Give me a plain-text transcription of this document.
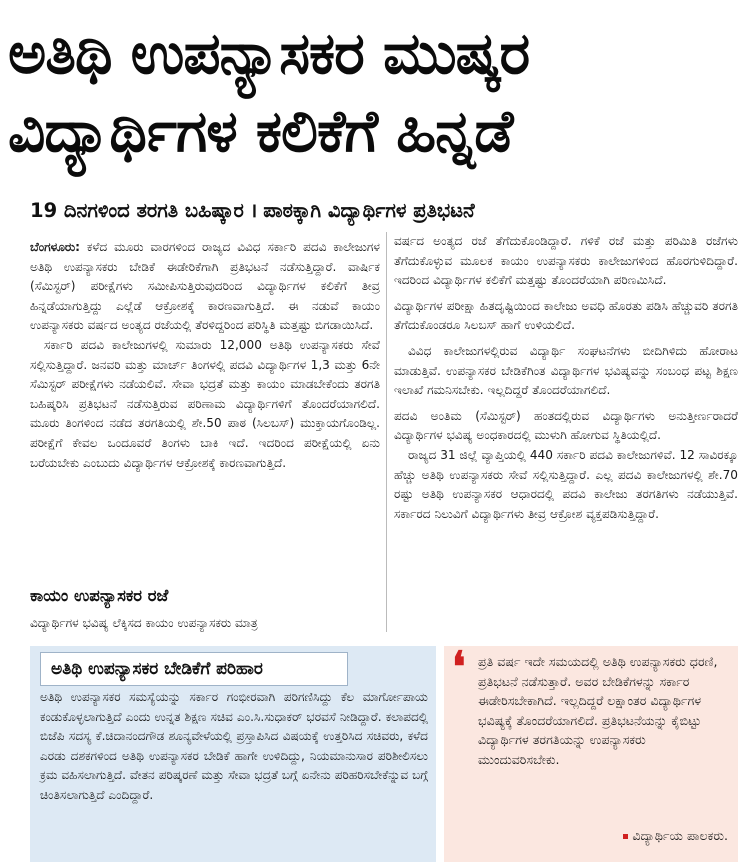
ಅತಿಥಿ ಉಪನ್ಯಾಸಕರ ಮುಷ್ಕರ
ವಿದ್ಯಾರ್ಥಿಗಳ ಕಲಿಕೆಗೆ ಹಿನ್ನಡೆ
19 ದಿನಗಳಿಂದ ತರಗತಿ ಬಹಿಷ್ಕಾರ । ಪಾಠಕ್ಕಾಗಿ ವಿದ್ಯಾರ್ಥಿಗಳ ಪ್ರತಿಭಟನೆ

ಬೆಂಗಳೂರು: ಕಳೆದ ಮೂರು ವಾರಗಳಿಂದ ರಾಜ್ಯದ ವಿವಿಧ ಸರ್ಕಾರಿ ಪದವಿ ಕಾಲೇಜುಗಳ ಅತಿಥಿ ಉಪನ್ಯಾಸಕರು ಬೇಡಿಕೆ ಈಡೇರಿಕೆಗಾಗಿ ಪ್ರತಿಭಟನೆ ನಡೆಸುತ್ತಿದ್ದಾರೆ. ವಾರ್ಷಿಕ (ಸೆಮಿಸ್ಟರ್) ಪರೀಕ್ಷೆಗಳು ಸಮೀಪಿಸುತ್ತಿರುವುದರಿಂದ ವಿದ್ಯಾರ್ಥಿಗಳ ಕಲಿಕೆಗೆ ತೀವ್ರ ಹಿನ್ನಡೆಯಾಗುತ್ತಿದ್ದು ಎಲ್ಲೆಡೆ ಆಕ್ರೋಶಕ್ಕೆ ಕಾರಣವಾಗುತ್ತಿದೆ. ಈ ನಡುವೆ ಕಾಯಂ ಉಪನ್ಯಾಸಕರು ವರ್ಷದ ಅಂತ್ಯದ ರಜೆಯಲ್ಲಿ ತೆರಳಿದ್ದರಿಂದ ಪರಿಸ್ಥಿತಿ ಮತ್ತಷ್ಟು ಬಿಗಡಾಯಿಸಿದೆ.

ಸರ್ಕಾರಿ ಪದವಿ ಕಾಲೇಜುಗಳಲ್ಲಿ ಸುಮಾರು 12,000 ಅತಿಥಿ ಉಪನ್ಯಾಸಕರು ಸೇವೆ ಸಲ್ಲಿಸುತ್ತಿದ್ದಾರೆ. ಜನವರಿ ಮತ್ತು ಮಾರ್ಚ್ ತಿಂಗಳಲ್ಲಿ ಪದವಿ ವಿದ್ಯಾರ್ಥಿಗಳ 1,3 ಮತ್ತು 6ನೇ ಸೆಮಿಸ್ಟರ್ ಪರೀಕ್ಷೆಗಳು ನಡೆಯಲಿವೆ. ಸೇವಾ ಭದ್ರತೆ ಮತ್ತು ಕಾಯಂ ಮಾಡಬೇಕೆಂದು ತರಗತಿ ಬಹಿಷ್ಕರಿಸಿ ಪ್ರತಿಭಟನೆ ನಡೆಸುತ್ತಿರುವ ಪರಿಣಾಮ ವಿದ್ಯಾರ್ಥಿಗಳಿಗೆ ತೊಂದರೆಯಾಗಲಿದೆ. ಮೂರು ತಿಂಗಳಿಂದ ನಡೆದ ತರಗತಿಯಲ್ಲಿ ಶೇ.50 ಪಾಠ (ಸಿಲಬಸ್) ಮುಕ್ತಾಯಗೊಂಡಿಲ್ಲ. ಪರೀಕ್ಷೆಗೆ ಕೇವಲ ಒಂದೂವರೆ ತಿಂಗಳು ಬಾಕಿ ಇದೆ. ಇದರಿಂದ ಪರೀಕ್ಷೆಯಲ್ಲಿ ಏನು ಬರೆಯಬೇಕು ಎಂಬುದು ವಿದ್ಯಾರ್ಥಿಗಳ ಆಕ್ರೋಶಕ್ಕೆ ಕಾರಣವಾಗುತ್ತಿದೆ.

ಕಾಯಂ ಉಪನ್ಯಾಸಕರ ರಜೆ

ವಿದ್ಯಾರ್ಥಿಗಳ ಭವಿಷ್ಯ ಲೆಕ್ಕಿಸದ ಕಾಯಂ ಉಪನ್ಯಾಸಕರು ಮಾತ್ರ

ವರ್ಷದ ಅಂತ್ಯದ ರಜೆ ತೆಗೆದುಕೊಂಡಿದ್ದಾರೆ. ಗಳಿಕೆ ರಜೆ ಮತ್ತು ಪರಿಮಿತಿ ರಜೆಗಳು ತೆಗೆದುಕೊಳ್ಳುವ ಮೂಲಕ ಕಾಯಂ ಉಪನ್ಯಾಸಕರು ಕಾಲೇಜುಗಳಿಂದ ಹೊರಗುಳಿದಿದ್ದಾರೆ. ಇದರಿಂದ ವಿದ್ಯಾರ್ಥಿಗಳ ಕಲಿಕೆಗೆ ಮತ್ತಷ್ಟು ತೊಂದರೆಯಾಗಿ ಪರಿಣಮಿಸಿದೆ.

ವಿದ್ಯಾರ್ಥಿಗಳ ಪರೀಕ್ಷಾ ಹಿತದೃಷ್ಟಿಯಿಂದ ಕಾಲೇಜು ಅವಧಿ ಹೊರತು ಪಡಿಸಿ ಹೆಚ್ಚುವರಿ ತರಗತಿ ತೆಗೆದುಕೊಂಡರೂ ಸಿಲಬಸ್ ಹಾಗೆ ಉಳಿಯಲಿದೆ.

ವಿವಿಧ ಕಾಲೇಜುಗಳಲ್ಲಿರುವ ವಿದ್ಯಾರ್ಥಿ ಸಂಘಟನೆಗಳು ಬೀದಿಗಿಳಿದು ಹೋರಾಟ ಮಾಡುತ್ತಿವೆ. ಉಪನ್ಯಾಸಕರ ಬೇಡಿಕೆಗಿಂತ ವಿದ್ಯಾರ್ಥಿಗಳ ಭವಿಷ್ಯವನ್ನು ಸಂಬಂಧ ಪಟ್ಟ ಶಿಕ್ಷಣ ಇಲಾಖೆ ಗಮನಿಸಬೇಕು. ಇಲ್ಲದಿದ್ದರೆ ತೊಂದರೆಯಾಗಲಿದೆ.

ಪದವಿ ಅಂತಿಮ (ಸೆಮಿಸ್ಟರ್) ಹಂತದಲ್ಲಿರುವ ವಿದ್ಯಾರ್ಥಿಗಳು ಅನುತ್ತೀರ್ಣರಾದರೆ ವಿದ್ಯಾರ್ಥಿಗಳ ಭವಿಷ್ಯ ಅಂಧಕಾರದಲ್ಲಿ ಮುಳುಗಿ ಹೋಗುವ ಸ್ಥಿತಿಯಲ್ಲಿದೆ.

ರಾಜ್ಯದ 31 ಜಿಲ್ಲೆ ವ್ಯಾಪ್ತಿಯಲ್ಲಿ 440 ಸರ್ಕಾರಿ ಪದವಿ ಕಾಲೇಜುಗಳಿವೆ. 12 ಸಾವಿರಕ್ಕೂ ಹೆಚ್ಚು ಅತಿಥಿ ಉಪನ್ಯಾಸಕರು ಸೇವೆ ಸಲ್ಲಿಸುತ್ತಿದ್ದಾರೆ. ಎಲ್ಲ ಪದವಿ ಕಾಲೇಜುಗಳಲ್ಲಿ ಶೇ.70 ರಷ್ಟು ಅತಿಥಿ ಉಪನ್ಯಾಸಕರ ಆಧಾರದಲ್ಲಿ ಪದವಿ ಕಾಲೇಜು ತರಗತಿಗಳು ನಡೆಯುತ್ತಿವೆ. ಸರ್ಕಾರದ ನಿಲುವಿಗೆ ವಿದ್ಯಾರ್ಥಿಗಳು ತೀವ್ರ ಆಕ್ರೋಶ ವ್ಯಕ್ತಪಡಿಸುತ್ತಿದ್ದಾರೆ.

ಅತಿಥಿ ಉಪನ್ಯಾಸಕರ ಬೇಡಿಕೆಗೆ ಪರಿಹಾರ
ಅತಿಥಿ ಉಪನ್ಯಾಸಕರ ಸಮಸ್ಯೆಯನ್ನು ಸರ್ಕಾರ ಗಂಭೀರವಾಗಿ ಪರಿಗಣಿಸಿದ್ದು ಕೆಲ ಮಾರ್ಗೋಪಾಯ ಕಂಡುಕೊಳ್ಳಲಾಗುತ್ತಿದೆ ಎಂದು ಉನ್ನತ ಶಿಕ್ಷಣ ಸಚಿವ ಎಂ.ಸಿ.ಸುಧಾಕರ್ ಭರವಸೆ ನೀಡಿದ್ದಾರೆ. ಕಲಾಪದಲ್ಲಿ ಬಿಜೆಪಿ ಸದಸ್ಯ ಕೆ.ಚಿದಾನಂದಗೌಡ ಶೂನ್ಯವೇಳೆಯಲ್ಲಿ ಪ್ರಸ್ತಾಪಿಸಿದ ವಿಷಯಕ್ಕೆ ಉತ್ತರಿಸಿದ ಸಚಿವರು, ಕಳೆದ ಎರಡು ದಶಕಗಳಿಂದ ಅತಿಥಿ ಉಪನ್ಯಾಸಕರ ಬೇಡಿಕೆ ಹಾಗೇ ಉಳಿದಿದ್ದು, ನಿಯಮಾನುಸಾರ ಪರಿಶೀಲಿಸಲು ಕ್ರಮ ವಹಿಸಲಾಗುತ್ತಿದೆ. ವೇತನ ಪರಿಷ್ಕರಣೆ ಮತ್ತು ಸೇವಾ ಭದ್ರತೆ ಬಗ್ಗೆ ಏನೇನು ಪರಿಹರಿಸಬೇಕೆನ್ನುವ ಬಗ್ಗೆ ಚಿಂತಿಸಲಾಗುತ್ತಿದೆ ಎಂದಿದ್ದಾರೆ.
❛ ಪ್ರತಿ ವರ್ಷ ಇದೇ ಸಮಯದಲ್ಲಿ ಅತಿಥಿ ಉಪನ್ಯಾಸಕರು ಧರಣಿ, ಪ್ರತಿಭಟನೆ ನಡೆಸುತ್ತಾರೆ. ಅವರ ಬೇಡಿಕೆಗಳನ್ನು ಸರ್ಕಾರ ಈಡೇರಿಸಬೇಕಾಗಿದೆ. ಇಲ್ಲದಿದ್ದರೆ ಲಕ್ಷಾಂತರ ವಿದ್ಯಾರ್ಥಿಗಳ ಭವಿಷ್ಯಕ್ಕೆ ತೊಂದರೆಯಾಗಲಿದೆ. ಪ್ರತಿಭಟನೆಯನ್ನು ಕೈಬಿಟ್ಟು ವಿದ್ಯಾರ್ಥಿಗಳ ತರಗತಿಯನ್ನು ಉಪನ್ಯಾಸಕರು ಮುಂದುವರಿಸಬೇಕು.
ವಿದ್ಯಾರ್ಥಿಯ ಪಾಲಕರು.
